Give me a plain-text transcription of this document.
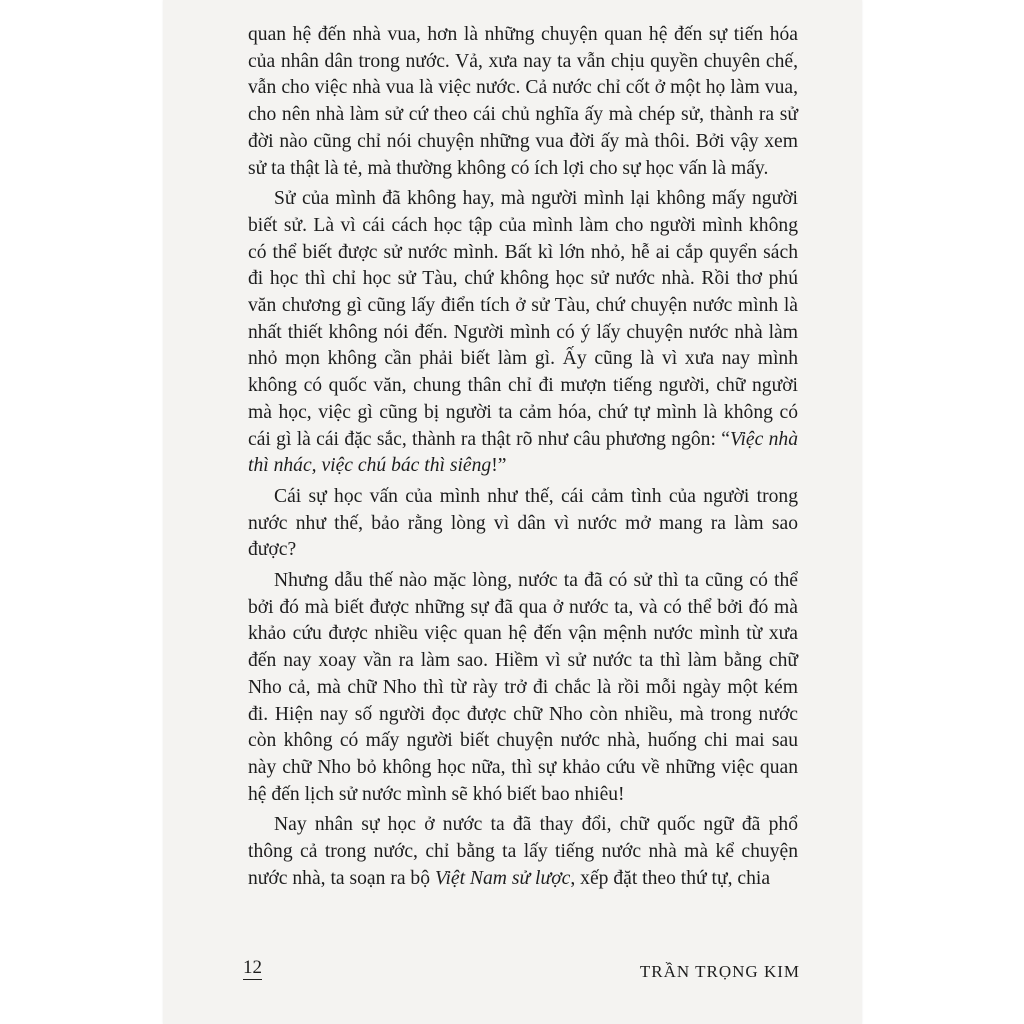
quan hệ đến nhà vua, hơn là những chuyện quan hệ đến sự tiến hóa của nhân dân trong nước. Vả, xưa nay ta vẫn chịu quyền chuyên chế, vẫn cho việc nhà vua là việc nước. Cả nước chỉ cốt ở một họ làm vua, cho nên nhà làm sử cứ theo cái chủ nghĩa ấy mà chép sử, thành ra sử đời nào cũng chỉ nói chuyện những vua đời ấy mà thôi. Bởi vậy xem sử ta thật là tẻ, mà thường không có ích lợi cho sự học vấn là mấy.

Sử của mình đã không hay, mà người mình lại không mấy người biết sử. Là vì cái cách học tập của mình làm cho người mình không có thể biết được sử nước mình. Bất kì lớn nhỏ, hễ ai cắp quyển sách đi học thì chỉ học sử Tàu, chứ không học sử nước nhà. Rồi thơ phú văn chương gì cũng lấy điển tích ở sử Tàu, chứ chuyện nước mình là nhất thiết không nói đến. Người mình có ý lấy chuyện nước nhà làm nhỏ mọn không cần phải biết làm gì. Ấy cũng là vì xưa nay mình không có quốc văn, chung thân chỉ đi mượn tiếng người, chữ người mà học, việc gì cũng bị người ta cảm hóa, chứ tự mình là không có cái gì là cái đặc sắc, thành ra thật rõ như câu phương ngôn: “Việc nhà thì nhác, việc chú bác thì siêng!”

Cái sự học vấn của mình như thế, cái cảm tình của người trong nước như thế, bảo rằng lòng vì dân vì nước mở mang ra làm sao được?

Nhưng dẫu thế nào mặc lòng, nước ta đã có sử thì ta cũng có thể bởi đó mà biết được những sự đã qua ở nước ta, và có thể bởi đó mà khảo cứu được nhiều việc quan hệ đến vận mệnh nước mình từ xưa đến nay xoay vần ra làm sao. Hiềm vì sử nước ta thì làm bằng chữ Nho cả, mà chữ Nho thì từ rày trở đi chắc là rồi mỗi ngày một kém đi. Hiện nay số người đọc được chữ Nho còn nhiều, mà trong nước còn không có mấy người biết chuyện nước nhà, huống chi mai sau này chữ Nho bỏ không học nữa, thì sự khảo cứu về những việc quan hệ đến lịch sử nước mình sẽ khó biết bao nhiêu!

Nay nhân sự học ở nước ta đã thay đổi, chữ quốc ngữ đã phổ thông cả trong nước, chỉ bằng ta lấy tiếng nước nhà mà kể chuyện nước nhà, ta soạn ra bộ Việt Nam sử lược, xếp đặt theo thứ tự, chia

12	TRẦN TRỌNG KIM
